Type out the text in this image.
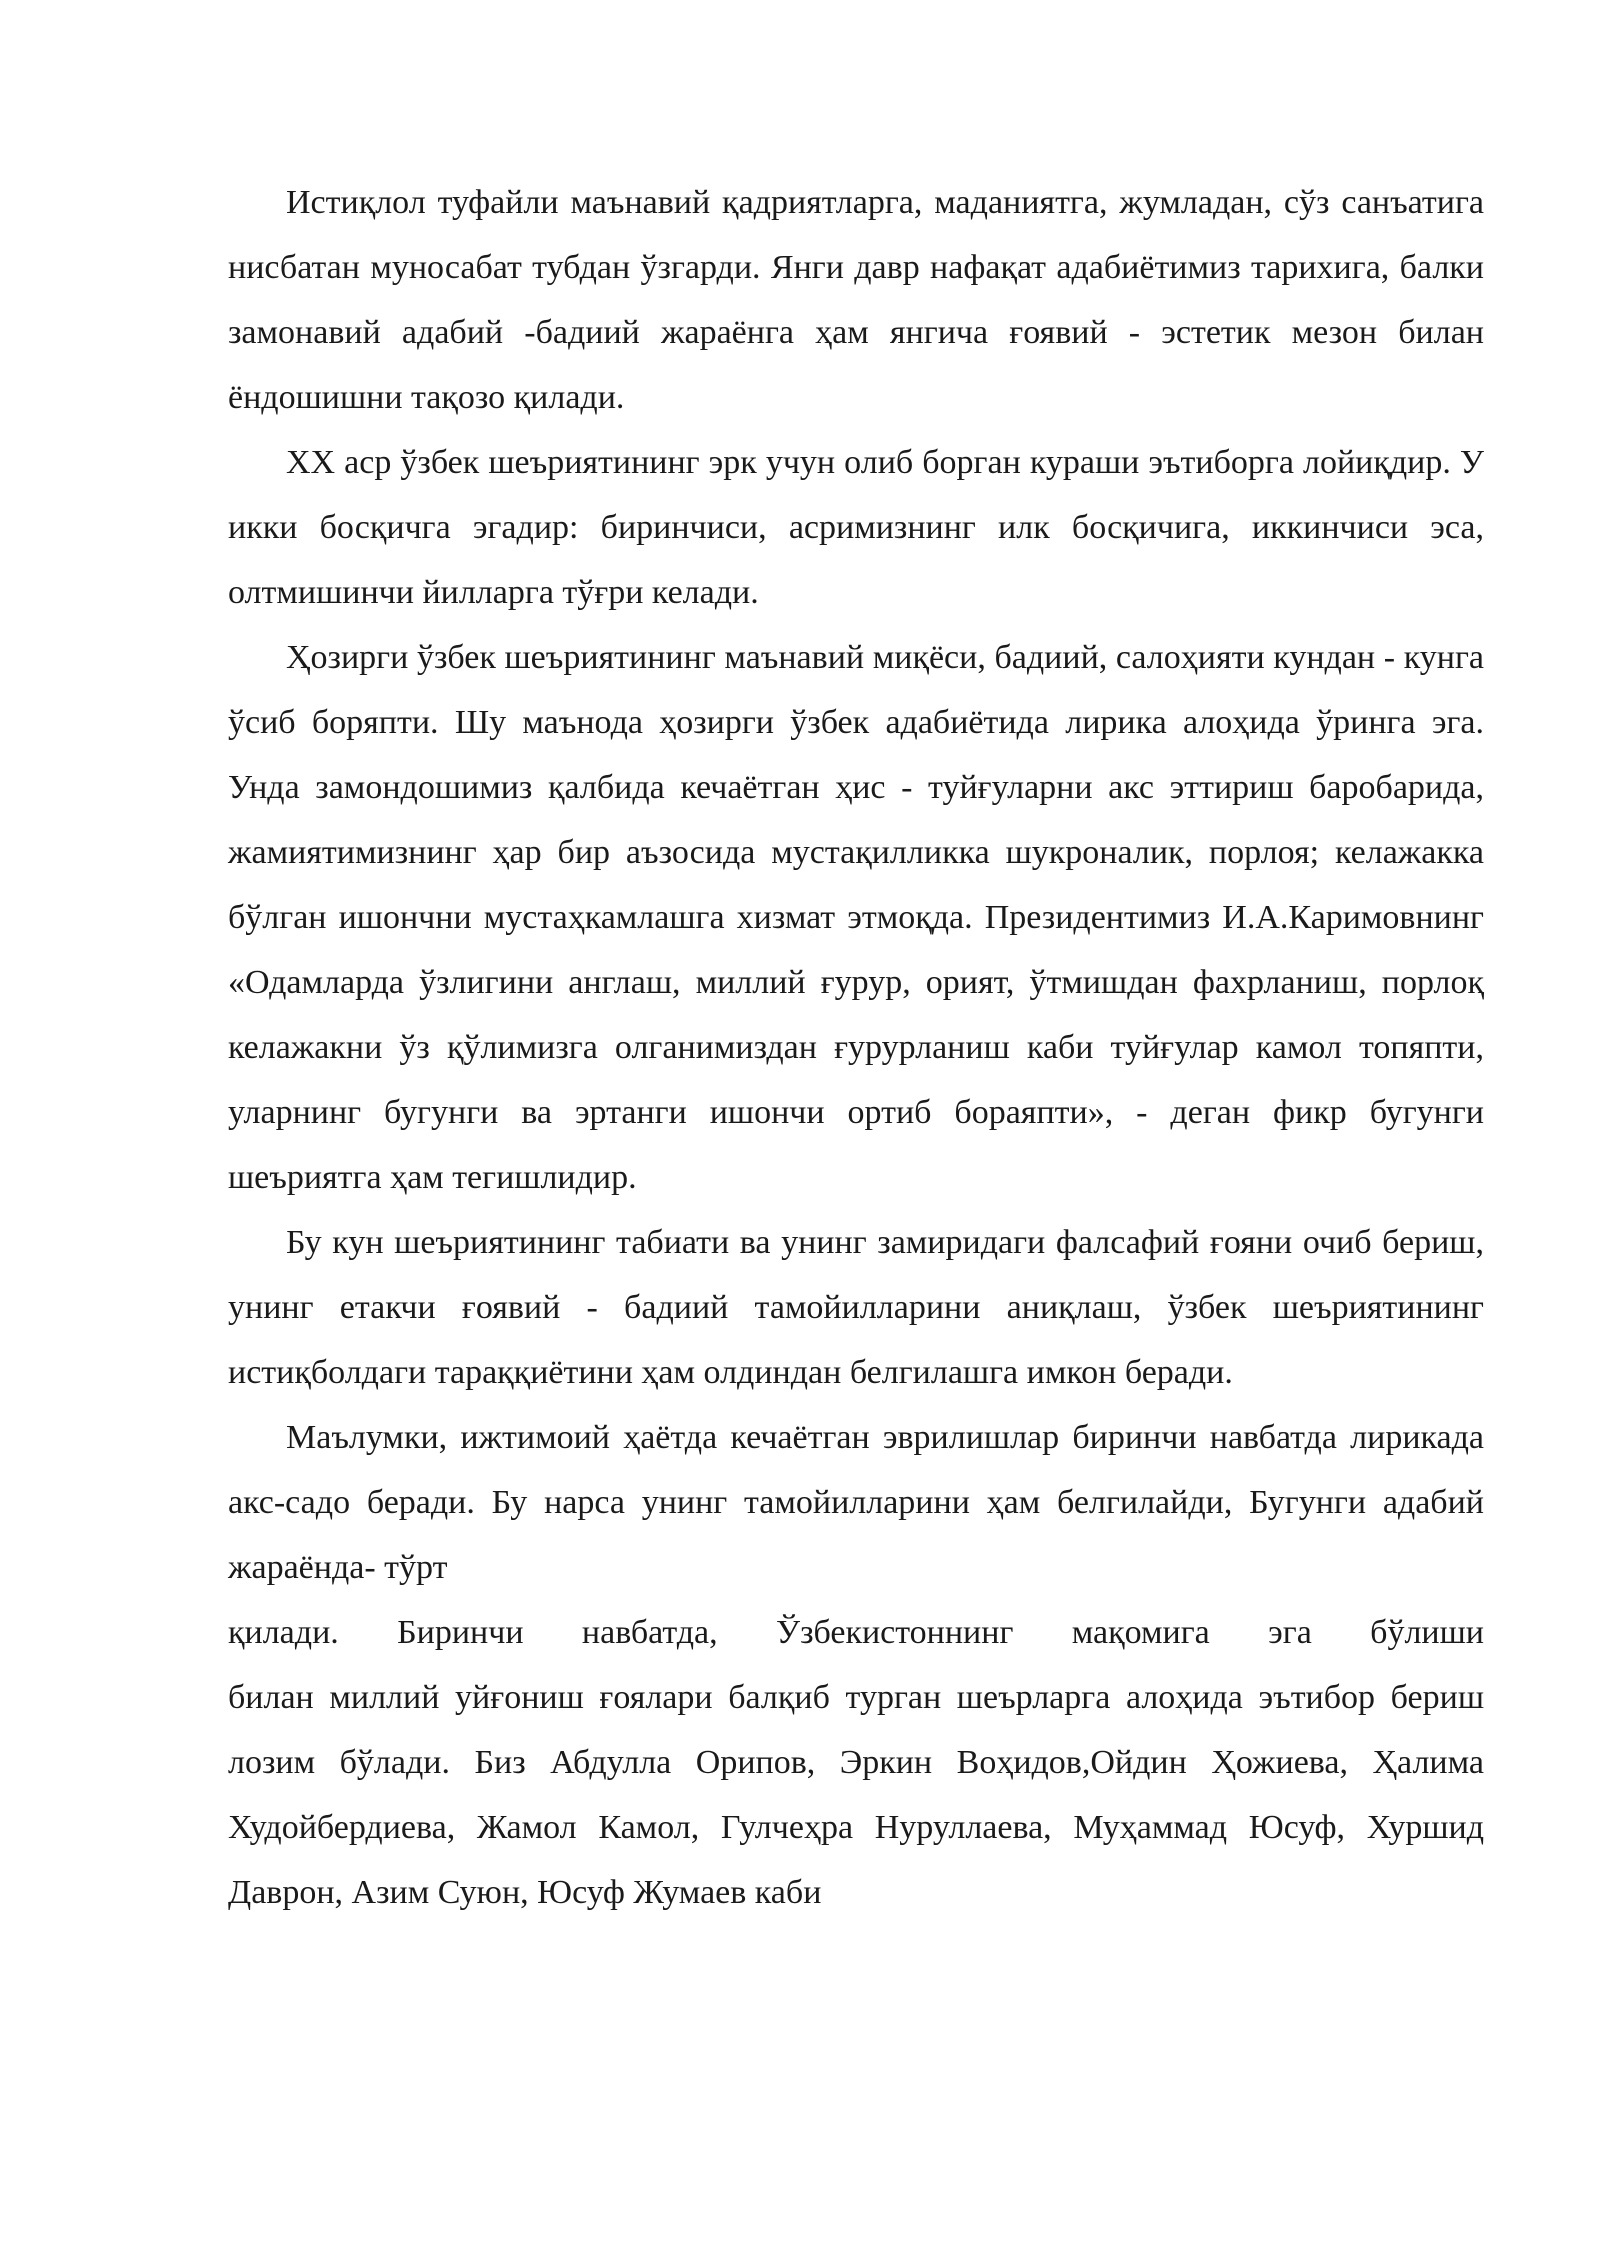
Истиқлол туфайли маънавий қадриятларга, маданиятга, жумладан, сўз санъатига нисбатан муносабат тубдан ўзгарди. Янги давр нафақат адабиётимиз тарихига, балки замонавий адабий -бадиий жараёнга ҳам янгича ғоявий - эстетик мезон билан ёндошишни тақозо қилади.

XX аср ўзбек шеъриятининг эрк учун олиб борган кураши эътиборга лойиқдир. У икки босқичга эгадир: биринчиси, асримизнинг илк босқичига, иккинчиси эса, олтмишинчи йилларга тўғри келади.

Ҳозирги ўзбек шеъриятининг маънавий миқёси, бадиий, салоҳияти кундан - кунга ўсиб боряпти. Шу маънода ҳозирги ўзбек адабиётида лирика алоҳида ўринга эга. Унда замондошимиз қалбида кечаётган ҳис - туйғуларни акс эттириш баробарида, жамиятимизнинг ҳар бир аъзосида мустақилликка шукроналик, порлоя; келажакка бўлган ишончни мустаҳкамлашга хизмат этмоқда. Президентимиз И.А.Каримовнинг «Одамларда ўзлигини англаш, миллий ғурур, орият, ўтмишдан фахрланиш, порлоқ келажакни ўз қўлимизга олганимиздан ғурурланиш каби туйғулар камол топяпти, уларнинг бугунги ва эртанги ишончи ортиб бораяпти», - деган фикр бугунги шеъриятга ҳам тегишлидир.

Бу кун шеъриятининг табиати ва унинг замиридаги фалсафий ғояни очиб бериш, унинг етакчи ғоявий - бадиий тамойилларини аниқлаш, ўзбек шеъриятининг истиқболдаги тараққиётини ҳам олдиндан белгилашга имкон беради.

Маълумки, ижтимоий ҳаётда кечаётган эврилишлар биринчи навбатда лирикада акс-садо беради. Бу нарса унинг тамойилларини ҳам белгилайди, Бугунги адабий жараёнда- тўрт

қилади. Биринчи навбатда, Ўзбекистоннинг мақомига эга бўлиши

билан миллий уйғониш ғоялари балқиб турган шеърларга алоҳида эътибор бериш лозим бўлади. Биз Абдулла Орипов, Эркин Воҳидов,Ойдин Ҳожиева, Ҳалима Худойбердиева, Жамол Камол, Гулчеҳра Нуруллаева, Муҳаммад Юсуф, Хуршид Даврон, Азим Суюн, Юсуф Жумаев каби
